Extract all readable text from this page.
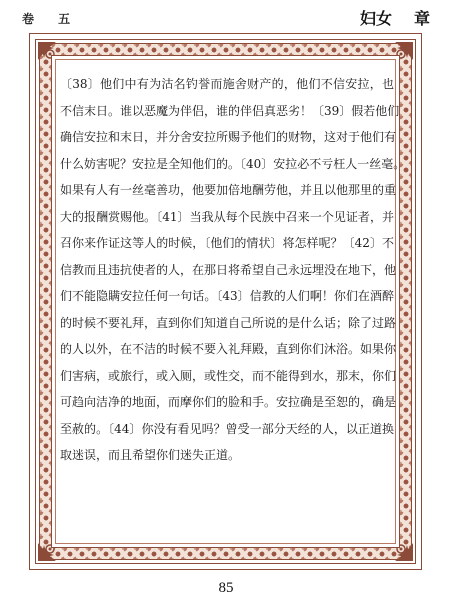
卷 五	妇女 章
〔38〕他们中有为沽名钓誉而施舍财产的，他们不信安拉，也
不信末日。谁以恶魔为伴侣，谁的伴侣真恶劣！〔39〕假若他们
确信安拉和末日，并分舍安拉所赐予他们的财物，这对于他们有
什么妨害呢？安拉是全知他们的。〔40〕安拉必不亏枉人一丝毫。
如果有人有一丝毫善功，他要加倍地酬劳他，并且以他那里的重
大的报酬赏赐他。〔41〕当我从每个民族中召来一个见证者，并
召你来作证这等人的时候，〔他们的情状〕将怎样呢？〔42〕不
信教而且违抗使者的人，在那日将希望自己永远埋没在地下，他
们不能隐瞒安拉任何一句话。〔43〕信教的人们啊！你们在酒醉
的时候不要礼拜，直到你们知道自己所说的是什么话；除了过路
的人以外，在不洁的时候不要入礼拜殿，直到你们沐浴。如果你
们害病，或旅行，或入厕，或性交，而不能得到水，那末，你们
可趋向洁净的地面，而摩你们的脸和手。安拉确是至恕的，确是
至赦的。〔44〕你没有看见吗？曾受一部分天经的人，以正道换
取迷误，而且希望你们迷失正道。
85
